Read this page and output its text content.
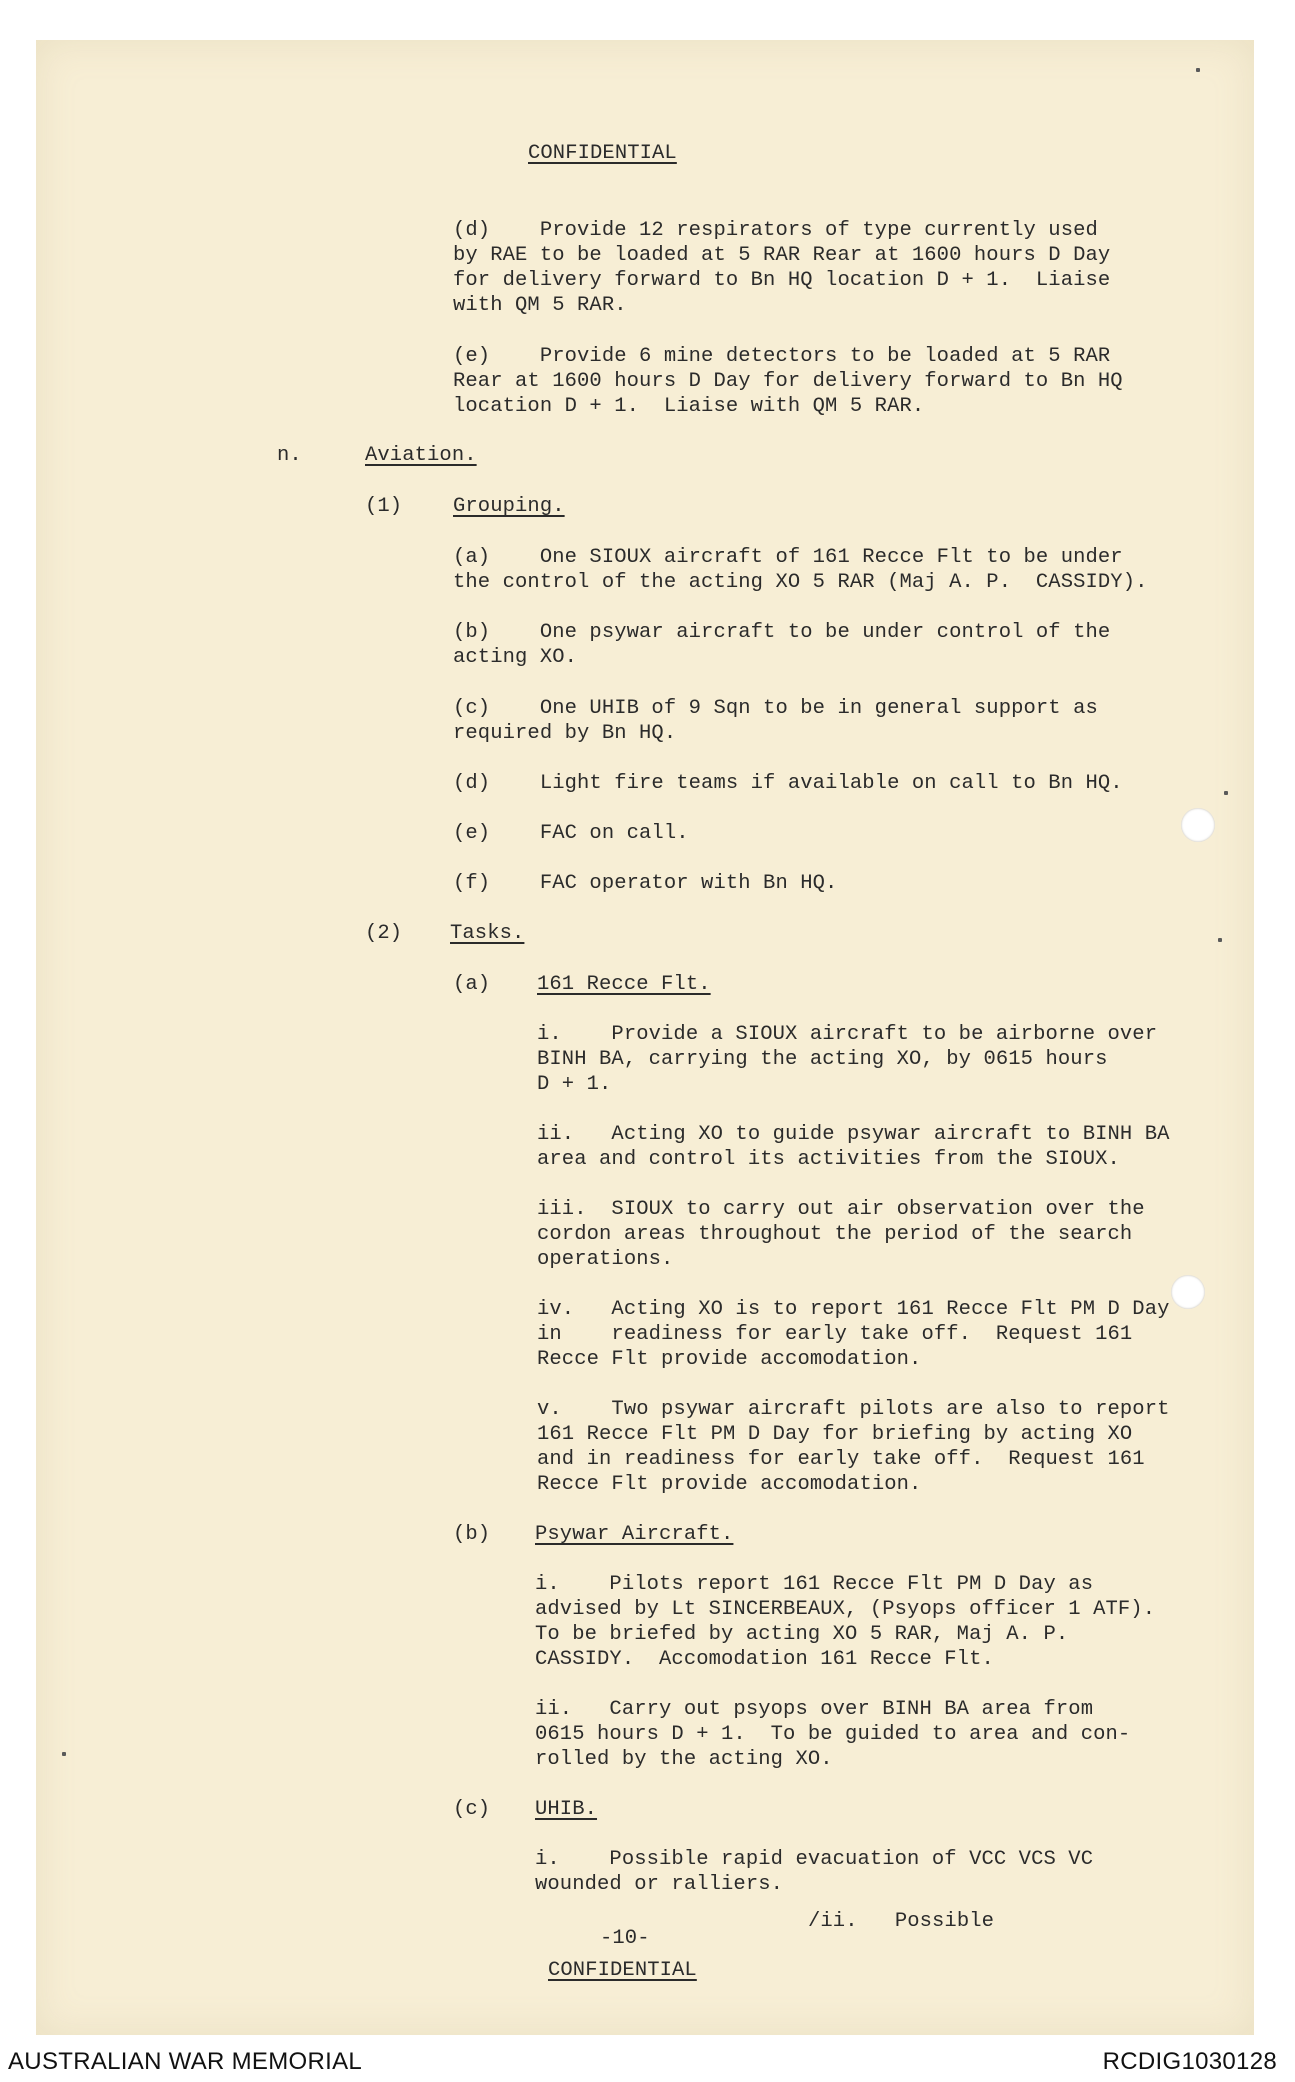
CONFIDENTIAL
(d)    Provide 12 respirators of type currently used
by RAE to be loaded at 5 RAR Rear at 1600 hours D Day
for delivery forward to Bn HQ location D + 1.  Liaise
with QM 5 RAR.
(e)    Provide 6 mine detectors to be loaded at 5 RAR
Rear at 1600 hours D Day for delivery forward to Bn HQ
location D + 1.  Liaise with QM 5 RAR.
n.	Aviation.
(1) Grouping.
(a)    One SIOUX aircraft of 161 Recce Flt to be under
the control of the acting XO 5 RAR (Maj A. P.  CASSIDY).
(b)    One psywar aircraft to be under control of the
acting XO.
(c)    One UHIB of 9 Sqn to be in general support as
required by Bn HQ.
(d)    Light fire teams if available on call to Bn HQ.
(e)    FAC on call.
(f)    FAC operator with Bn HQ.
(2) Tasks.
(a) 161 Recce Flt.
i.    Provide a SIOUX aircraft to be airborne over
BINH BA, carrying the acting XO, by 0615 hours
D + 1.
ii.   Acting XO to guide psywar aircraft to BINH BA
area and control its activities from the SIOUX.
iii.  SIOUX to carry out air observation over the
cordon areas throughout the period of the search
operations.
iv.   Acting XO is to report 161 Recce Flt PM D Day
in    readiness for early take off.  Request 161
Recce Flt provide accomodation.
v.    Two psywar aircraft pilots are also to report
161 Recce Flt PM D Day for briefing by acting XO
and in readiness for early take off.  Request 161
Recce Flt provide accomodation.
(b) Psywar Aircraft.
i.    Pilots report 161 Recce Flt PM D Day as
advised by Lt SINCERBEAUX, (Psyops officer 1 ATF).
To be briefed by acting XO 5 RAR, Maj A. P.
CASSIDY.  Accomodation 161 Recce Flt.
ii.   Carry out psyops over BINH BA area from
0615 hours D + 1.  To be guided to area and con-
rolled by the acting XO.
(c) UHIB.
i.    Possible rapid evacuation of VCC VCS VC
wounded or ralliers.
/ii.   Possible
-10-
CONFIDENTIAL
AUSTRALIAN WAR MEMORIAL	RCDIG1030128
